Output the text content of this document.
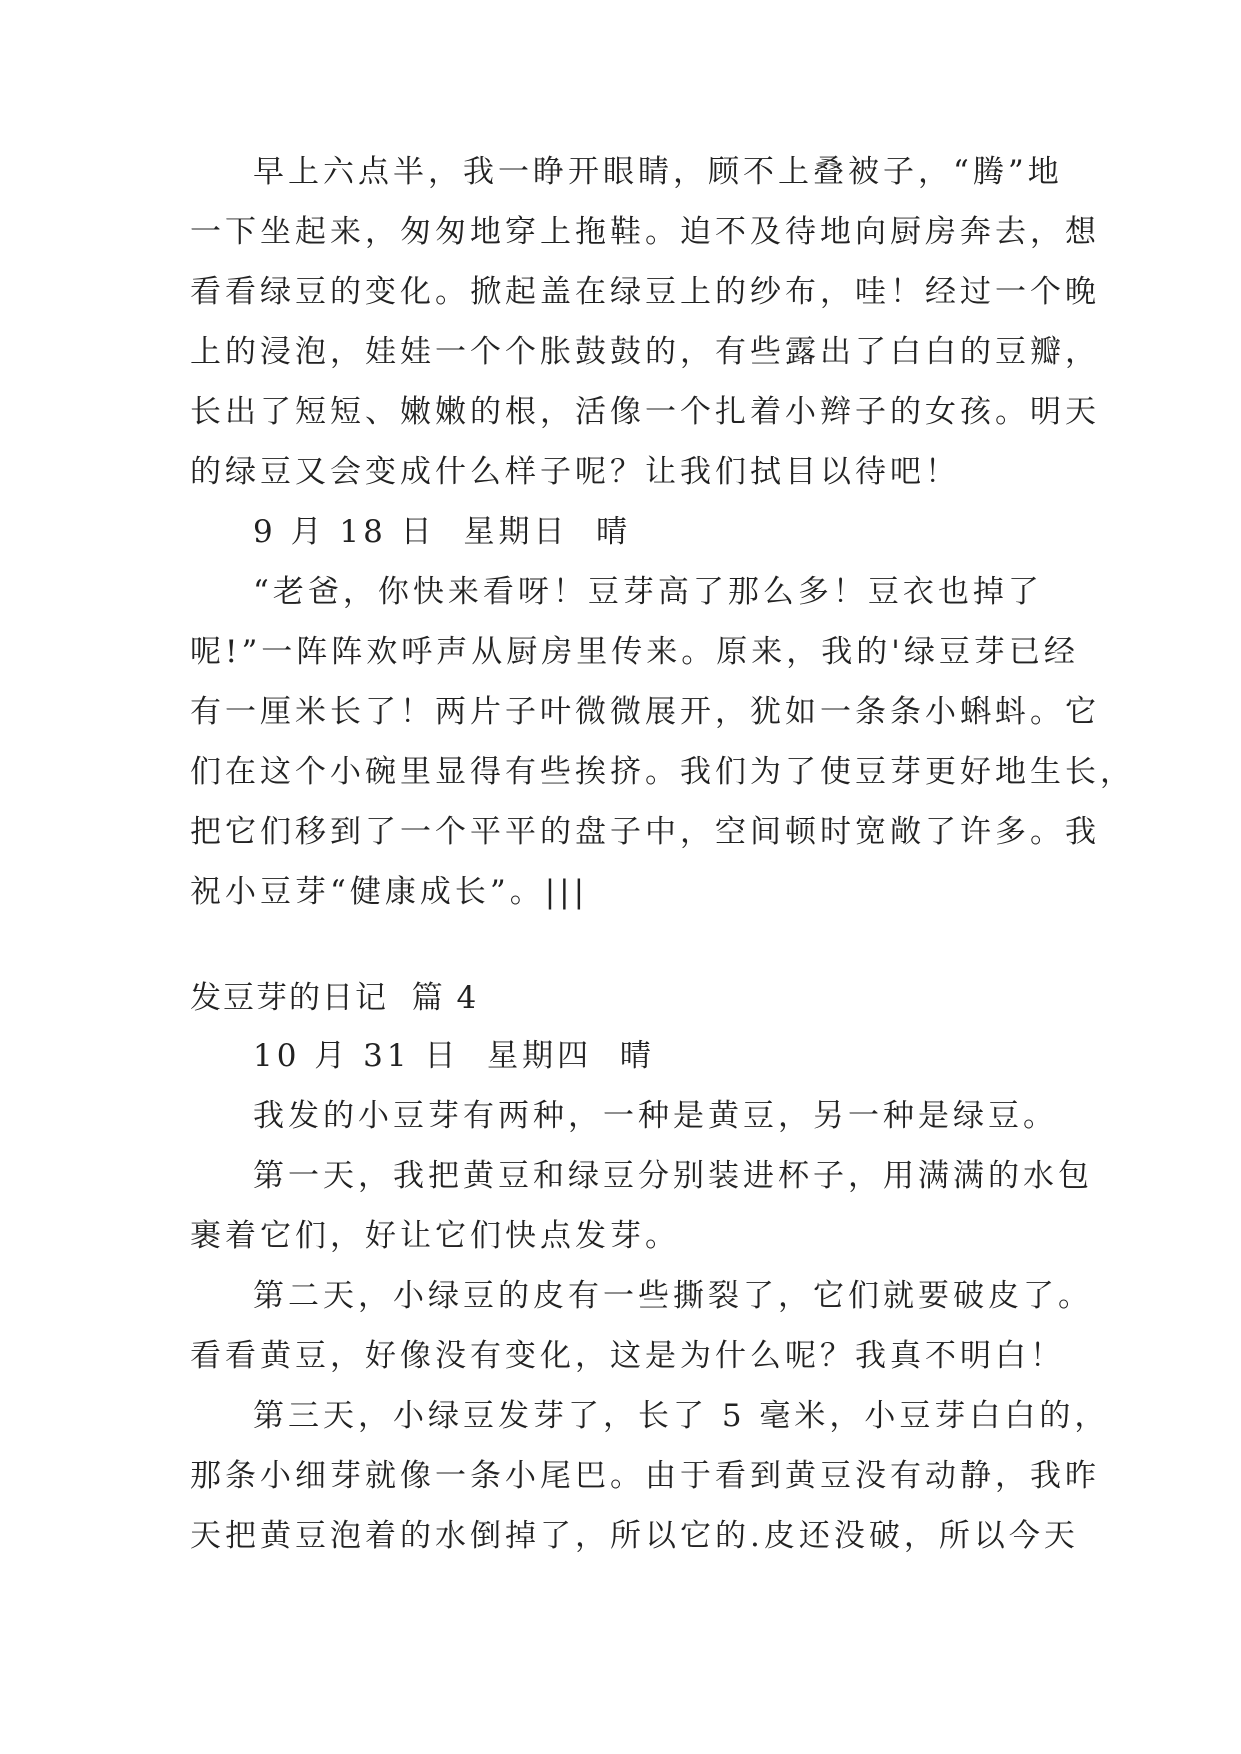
早上六点半，我一睁开眼睛，顾不上叠被子，“腾”地
一下坐起来，匆匆地穿上拖鞋。迫不及待地向厨房奔去，想
看看绿豆的变化。掀起盖在绿豆上的纱布，哇！经过一个晚
上的浸泡，娃娃一个个胀鼓鼓的，有些露出了白白的豆瓣，
长出了短短、嫩嫩的根，活像一个扎着小辫子的女孩。明天
的绿豆又会变成什么样子呢？让我们拭目以待吧！
9 月 18 日  星期日  晴
“老爸，你快来看呀！豆芽高了那么多！豆衣也掉了
呢!”一阵阵欢呼声从厨房里传来。原来，我的'绿豆芽已经
有一厘米长了！两片子叶微微展开，犹如一条条小蝌蚪。它
们在这个小碗里显得有些挨挤。我们为了使豆芽更好地生长，
把它们移到了一个平平的盘子中，空间顿时宽敞了许多。我
祝小豆芽“健康成长”。|||
发豆芽的日记  篇 4
10 月 31 日  星期四  晴
我发的小豆芽有两种，一种是黄豆，另一种是绿豆。
第一天，我把黄豆和绿豆分别装进杯子，用满满的水包
裹着它们，好让它们快点发芽。
第二天，小绿豆的皮有一些撕裂了，它们就要破皮了。
看看黄豆，好像没有变化，这是为什么呢？我真不明白！
第三天，小绿豆发芽了，长了 5 毫米，小豆芽白白的，
那条小细芽就像一条小尾巴。由于看到黄豆没有动静，我昨
天把黄豆泡着的水倒掉了，所以它的.皮还没破，所以今天
